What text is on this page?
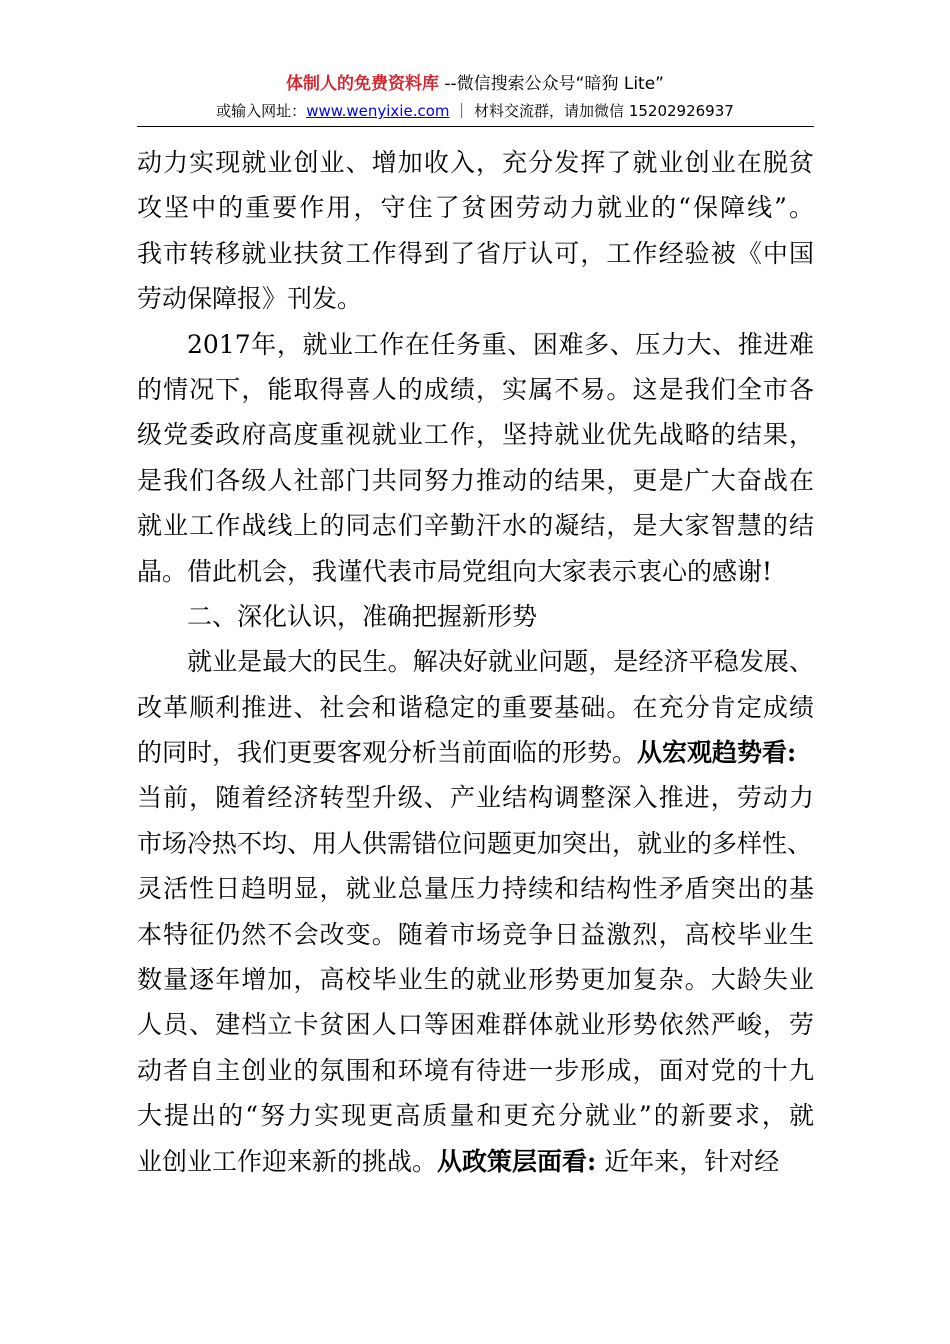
体制人的免费资料库 --微信搜索公众号“暗狗 Lite”
或输入网址：www.wenyixie.com ｜ 材料交流群，请加微信 15202926937
动力实现就业创业、增加收入，充分发挥了就业创业在脱贫
攻坚中的重要作用，守住了贫困劳动力就业的“保障线”。
我市转移就业扶贫工作得到了省厅认可，工作经验被《中国
劳动保障报》刊发。
2017年，就业工作在任务重、困难多、压力大、推进难
的情况下，能取得喜人的成绩，实属不易。这是我们全市各
级党委政府高度重视就业工作，坚持就业优先战略的结果，
是我们各级人社部门共同努力推动的结果，更是广大奋战在
就业工作战线上的同志们辛勤汗水的凝结，是大家智慧的结
晶。借此机会，我谨代表市局党组向大家表示衷心的感谢!
二、深化认识，准确把握新形势
就业是最大的民生。解决好就业问题，是经济平稳发展、
改革顺利推进、社会和谐稳定的重要基础。在充分肯定成绩
的同时，我们更要客观分析当前面临的形势。从宏观趋势看:
当前，随着经济转型升级、产业结构调整深入推进，劳动力
市场冷热不均、用人供需错位问题更加突出，就业的多样性、
灵活性日趋明显，就业总量压力持续和结构性矛盾突出的基
本特征仍然不会改变。随着市场竞争日益激烈，高校毕业生
数量逐年增加，高校毕业生的就业形势更加复杂。大龄失业
人员、建档立卡贫困人口等困难群体就业形势依然严峻，劳
动者自主创业的氛围和环境有待进一步形成，面对党的十九
大提出的“努力实现更高质量和更充分就业”的新要求，就
业创业工作迎来新的挑战。从政策层面看: 近年来，针对经
